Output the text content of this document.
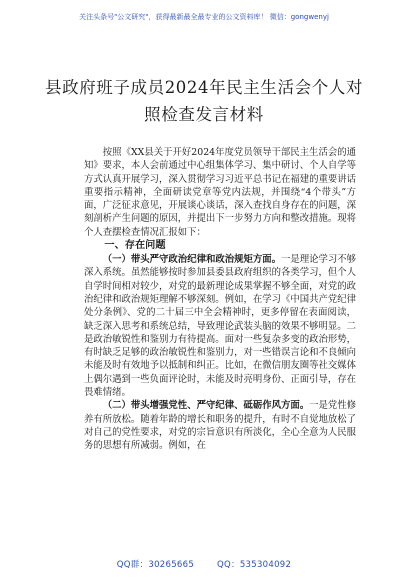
关注头条号"公文研究"，获得最新最全最专业的公文资料库！ 微信：gongwenyj
县政府班子成员2024年民主生活会个人对
照检查发言材料

按照《XX县关于开好2024年度党员领导干部民主生活会的通知》要求，本人会前通过中心组集体学习、集中研讨、个人自学等方式认真开展学习，深入贯彻学习习近平总书记在福建的重要讲话重要指示精神，全面研读党章等党内法规，并围绕“4个带头”方面，广泛征求意见，开展谈心谈话，深入查找自身存在的问题，深刻剖析产生问题的原因，并提出下一步努力方向和整改措施。现将个人查摆检查情况汇报如下：

一、存在问题

（一）带头严守政治纪律和政治规矩方面。一是理论学习不够深入系统。虽然能够按时参加县委县政府组织的各类学习，但个人自学时间相对较少，对党的最新理论成果掌握不够全面，对党的政治纪律和政治规矩理解不够深刻。例如，在学习《中国共产党纪律处分条例》、党的二十届三中全会精神时，更多停留在表面阅读，缺乏深入思考和系统总结，导致理论武装头脑的效果不够明显。二是政治敏锐性和鉴别力有待提高。面对一些复杂多变的政治形势，有时缺乏足够的政治敏锐性和鉴别力，对一些错误言论和不良倾向未能及时有效地予以抵制和纠正。比如，在微信朋友圈等社交媒体上偶尔遇到一些负面评论时，未能及时亮明身份、正面引导，存在畏难情绪。

（二）带头增强党性、严守纪律、砥砺作风方面。一是党性修养有所放松。随着年龄的增长和职务的提升，有时不自觉地放松了对自己的党性要求，对党的宗旨意识有所淡化，全心全意为人民服务的思想有所减弱。例如，在

QQ群：30265665	QQ：535304092
